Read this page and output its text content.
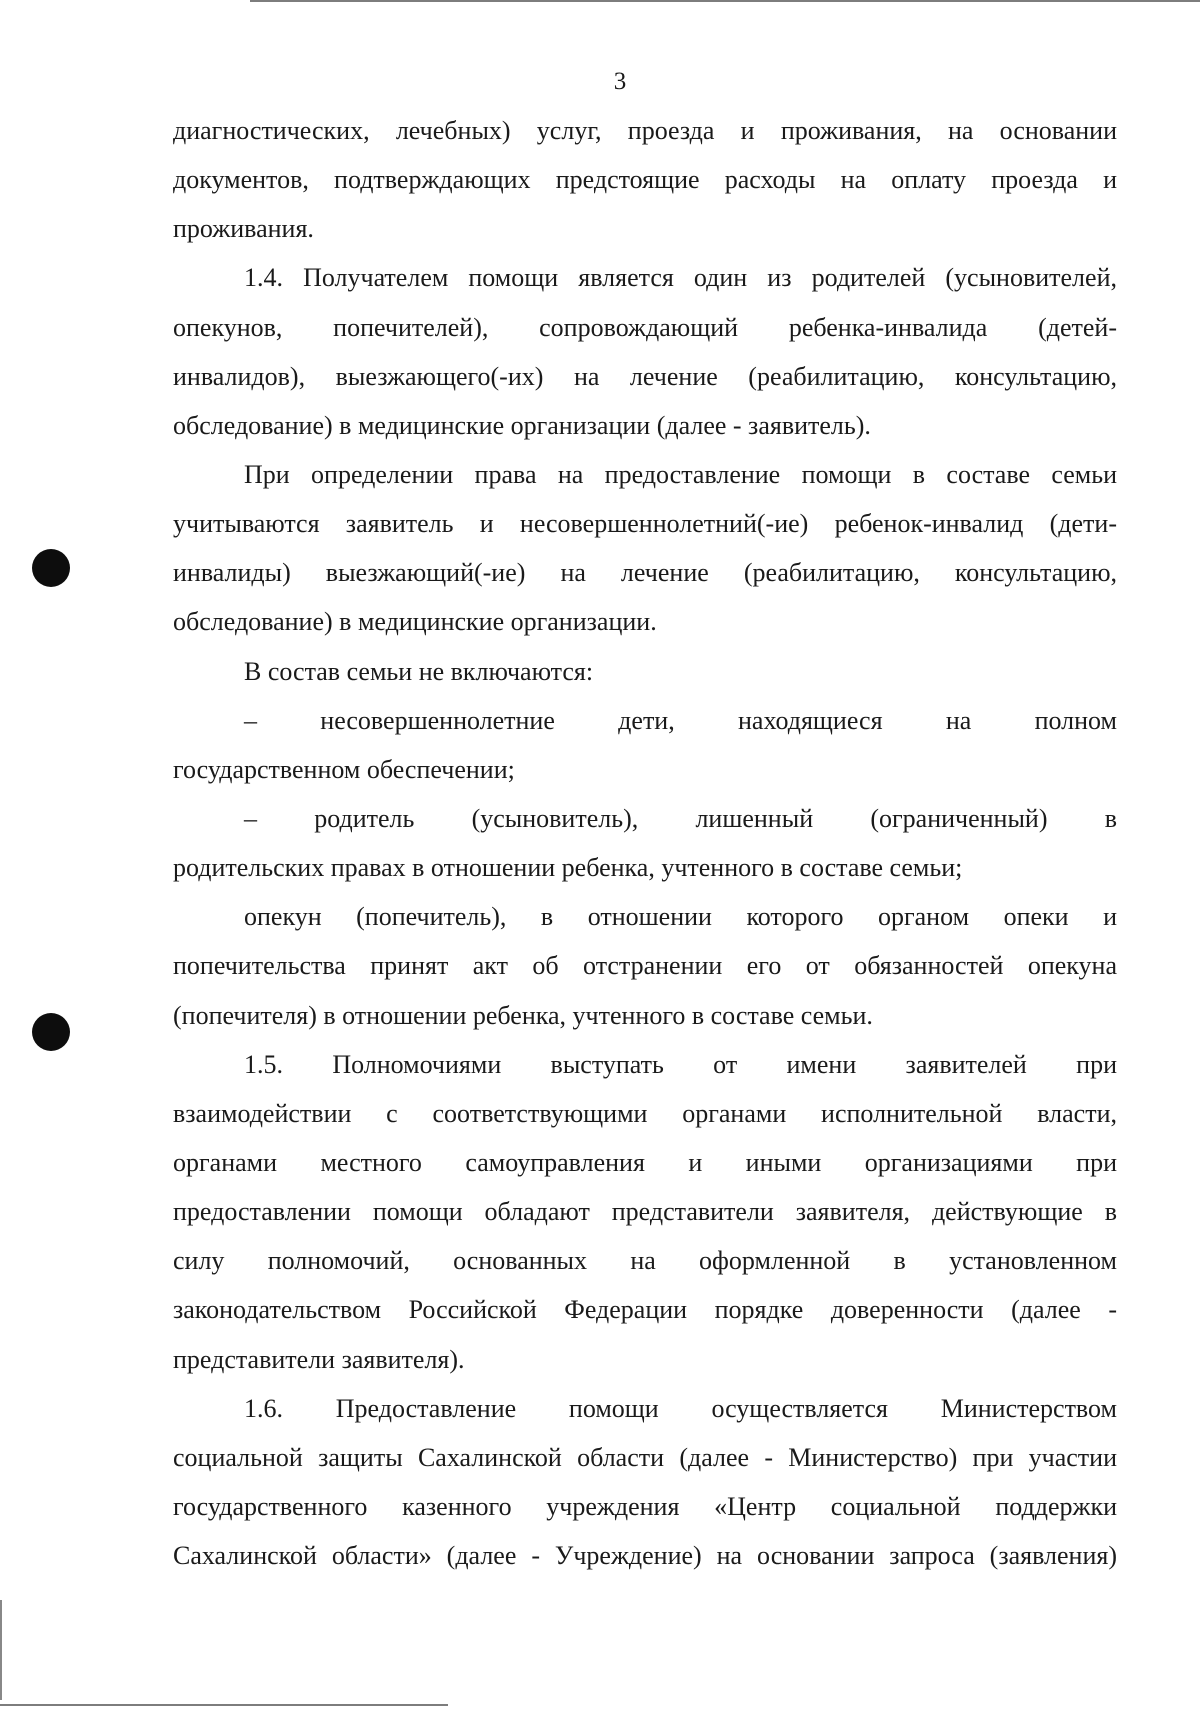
3
диагностических, лечебных) услуг, проезда и проживания, на основании
документов, подтверждающих предстоящие расходы на оплату проезда и
проживания.
1.4. Получателем помощи является один из родителей (усыновителей,
опекунов, попечителей), сопровождающий ребенка-инвалида (детей-
инвалидов), выезжающего(-их) на лечение (реабилитацию, консультацию,
обследование) в медицинские организации (далее - заявитель).
При определении права на предоставление помощи в составе семьи
учитываются заявитель и несовершеннолетний(-ие) ребенок-инвалид (дети-
инвалиды) выезжающий(-ие) на лечение (реабилитацию, консультацию,
обследование) в медицинские организации.
В состав семьи не включаются:
– несовершеннолетние дети, находящиеся на полном
государственном обеспечении;
– родитель (усыновитель), лишенный (ограниченный) в
родительских правах в отношении ребенка, учтенного в составе семьи;
опекун (попечитель), в отношении которого органом опеки и
попечительства принят акт об отстранении его от обязанностей опекуна
(попечителя) в отношении ребенка, учтенного в составе семьи.
1.5. Полномочиями выступать от имени заявителей при
взаимодействии с соответствующими органами исполнительной власти,
органами местного самоуправления и иными организациями при
предоставлении помощи обладают представители заявителя, действующие в
силу полномочий, основанных на оформленной в установленном
законодательством Российской Федерации порядке доверенности (далее -
представители заявителя).
1.6. Предоставление помощи осуществляется Министерством
социальной защиты Сахалинской области (далее - Министерство) при участии
государственного казенного учреждения «Центр социальной поддержки
Сахалинской области» (далее - Учреждение) на основании запроса (заявления)
